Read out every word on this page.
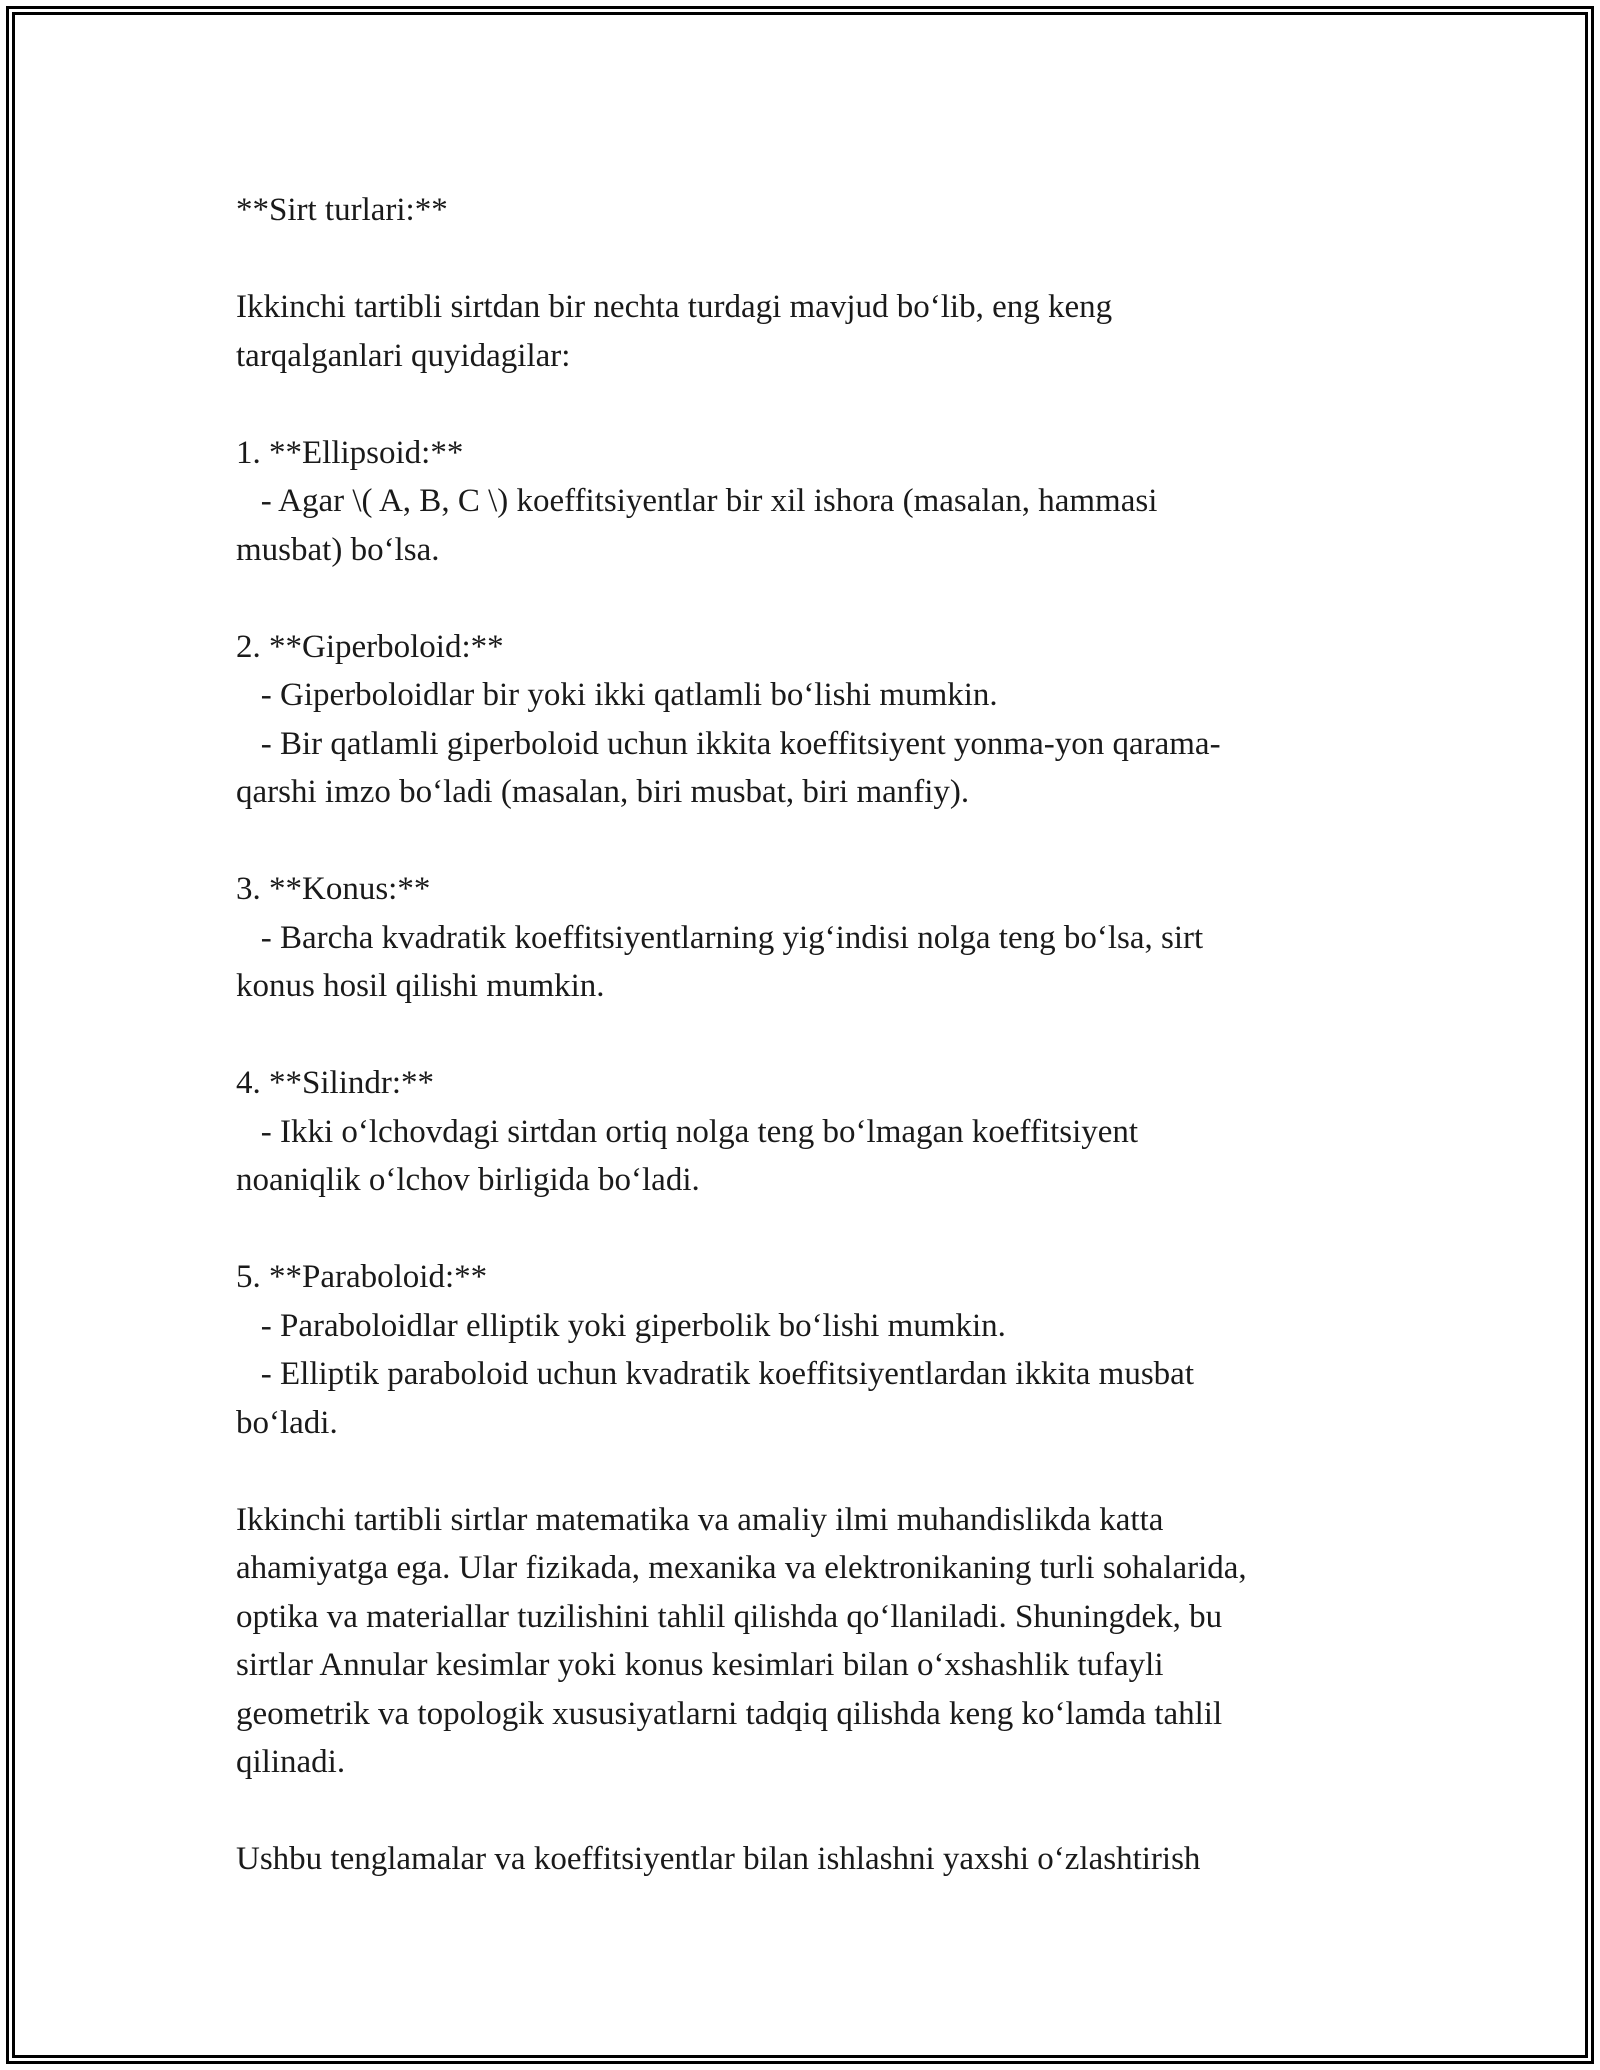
**Sirt turlari:**
Ikkinchi tartibli sirtdan bir nechta turdagi mavjud bo‘lib, eng keng
tarqalganlari quyidagilar:
1. **Ellipsoid:**
- Agar \( A, B, C \) koeffitsiyentlar bir xil ishora (masalan, hammasi
musbat) bo‘lsa.
2. **Giperboloid:**
- Giperboloidlar bir yoki ikki qatlamli bo‘lishi mumkin.
- Bir qatlamli giperboloid uchun ikkita koeffitsiyent yonma-yon qarama-
qarshi imzo bo‘ladi (masalan, biri musbat, biri manfiy).
3. **Konus:**
- Barcha kvadratik koeffitsiyentlarning yig‘indisi nolga teng bo‘lsa, sirt
konus hosil qilishi mumkin.
4. **Silindr:**
- Ikki o‘lchovdagi sirtdan ortiq nolga teng bo‘lmagan koeffitsiyent
noaniqlik o‘lchov birligida bo‘ladi.
5. **Paraboloid:**
- Paraboloidlar elliptik yoki giperbolik bo‘lishi mumkin.
- Elliptik paraboloid uchun kvadratik koeffitsiyentlardan ikkita musbat
bo‘ladi.
Ikkinchi tartibli sirtlar matematika va amaliy ilmi muhandislikda katta
ahamiyatga ega. Ular fizikada, mexanika va elektronikaning turli sohalarida,
optika va materiallar tuzilishini tahlil qilishda qo‘llaniladi. Shuningdek, bu
sirtlar Annular kesimlar yoki konus kesimlari bilan o‘xshashlik tufayli
geometrik va topologik xususiyatlarni tadqiq qilishda keng ko‘lamda tahlil
qilinadi.
Ushbu tenglamalar va koeffitsiyentlar bilan ishlashni yaxshi o‘zlashtirish
